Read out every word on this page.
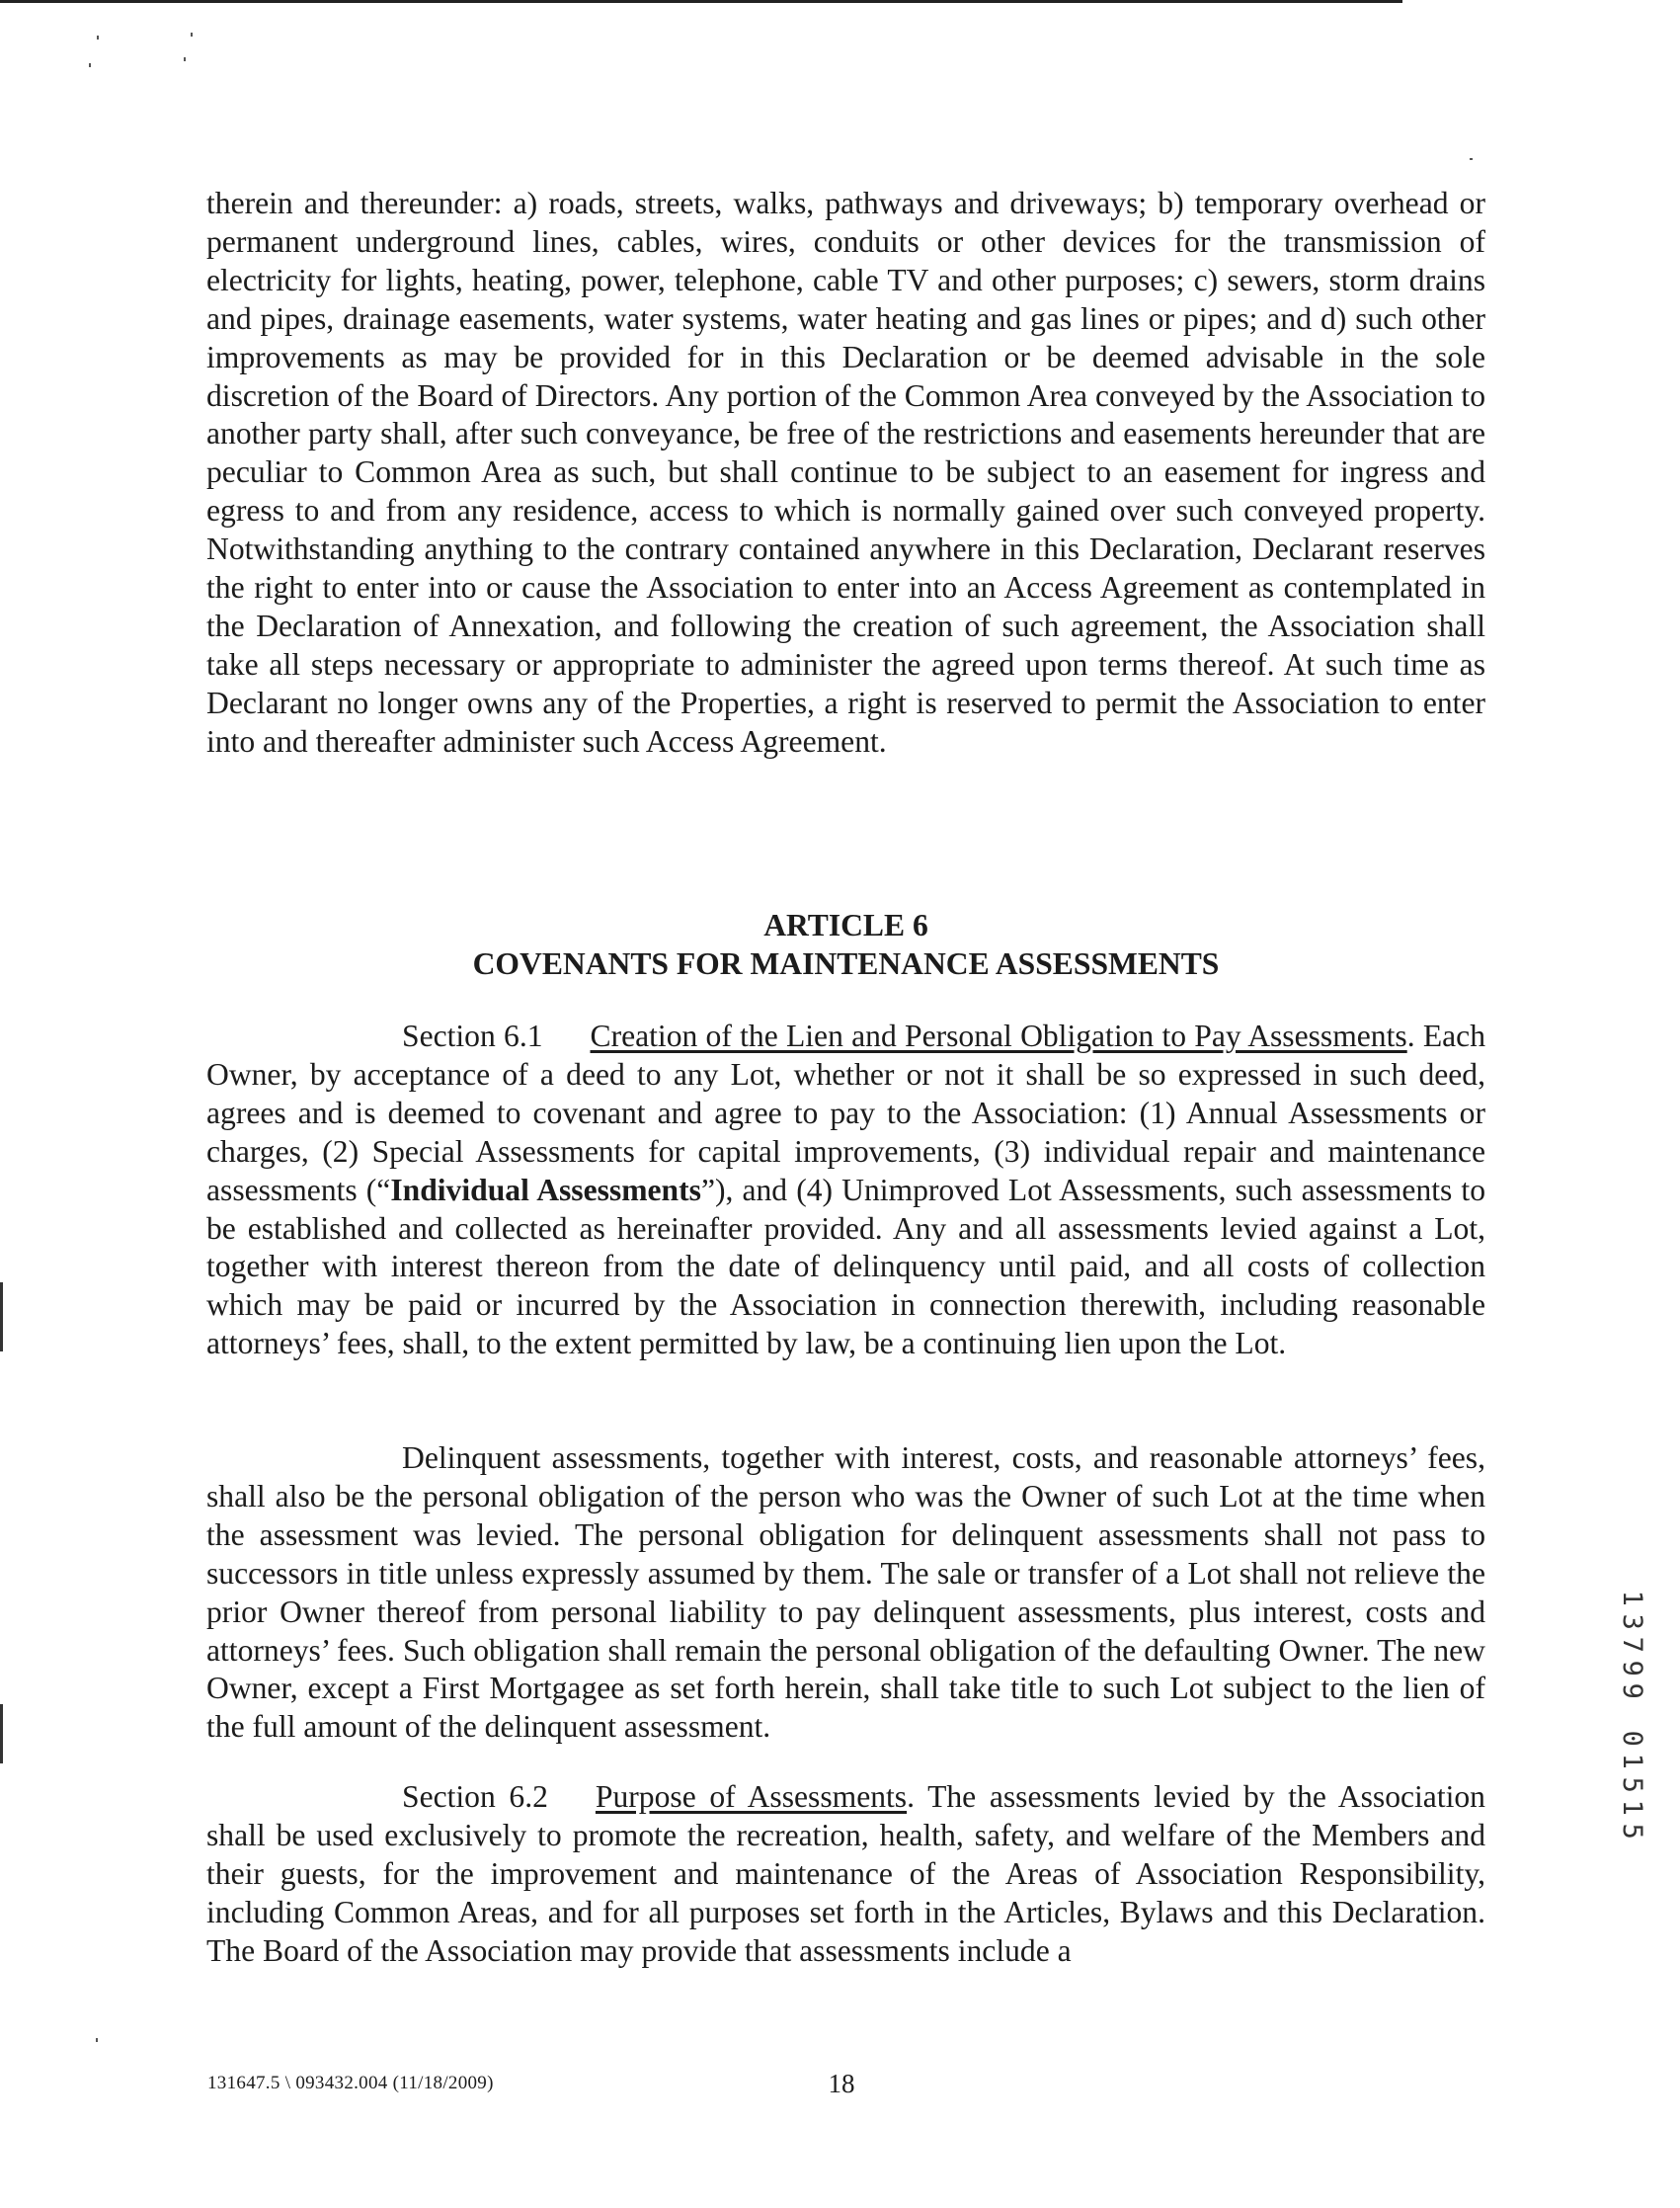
therein and thereunder: a) roads, streets, walks, pathways and driveways; b) temporary overhead or permanent underground lines, cables, wires, conduits or other devices for the transmission of electricity for lights, heating, power, telephone, cable TV and other purposes; c) sewers, storm drains and pipes, drainage easements, water systems, water heating and gas lines or pipes; and d) such other improvements as may be provided for in this Declaration or be deemed advisable in the sole discretion of the Board of Directors. Any portion of the Common Area conveyed by the Association to another party shall, after such conveyance, be free of the restrictions and easements hereunder that are peculiar to Common Area as such, but shall continue to be subject to an easement for ingress and egress to and from any residence, access to which is normally gained over such conveyed property. Notwithstanding anything to the contrary contained anywhere in this Declaration, Declarant reserves the right to enter into or cause the Association to enter into an Access Agreement as contemplated in the Declaration of Annexation, and following the creation of such agreement, the Association shall take all steps necessary or appropriate to administer the agreed upon terms thereof. At such time as Declarant no longer owns any of the Properties, a right is reserved to permit the Association to enter into and thereafter administer such Access Agreement.

ARTICLE 6
COVENANTS FOR MAINTENANCE ASSESSMENTS

Section 6.1 Creation of the Lien and Personal Obligation to Pay Assessments. Each Owner, by acceptance of a deed to any Lot, whether or not it shall be so expressed in such deed, agrees and is deemed to covenant and agree to pay to the Association: (1) Annual Assessments or charges, (2) Special Assessments for capital improvements, (3) individual repair and maintenance assessments (“Individual Assessments”), and (4) Unimproved Lot Assessments, such assessments to be established and collected as hereinafter provided. Any and all assessments levied against a Lot, together with interest thereon from the date of delinquency until paid, and all costs of collection which may be paid or incurred by the Association in connection therewith, including reasonable attorneys’ fees, shall, to the extent permitted by law, be a continuing lien upon the Lot.

Delinquent assessments, together with interest, costs, and reasonable attorneys’ fees, shall also be the personal obligation of the person who was the Owner of such Lot at the time when the assessment was levied. The personal obligation for delinquent assessments shall not pass to successors in title unless expressly assumed by them. The sale or transfer of a Lot shall not relieve the prior Owner thereof from personal liability to pay delinquent assessments, plus interest, costs and attorneys’ fees. Such obligation shall remain the personal obligation of the defaulting Owner. The new Owner, except a First Mortgagee as set forth herein, shall take title to such Lot subject to the lien of the full amount of the delinquent assessment.

Section 6.2 Purpose of Assessments. The assessments levied by the Association shall be used exclusively to promote the recreation, health, safety, and welfare of the Members and their guests, for the improvement and maintenance of the Areas of Association Responsibility, including Common Areas, and for all purposes set forth in the Articles, Bylaws and this Declaration. The Board of the Association may provide that assessments include a

131647.5 \ 093432.004 (11/18/2009)	18
1
3
7
9
9
0
1
5
1
5
